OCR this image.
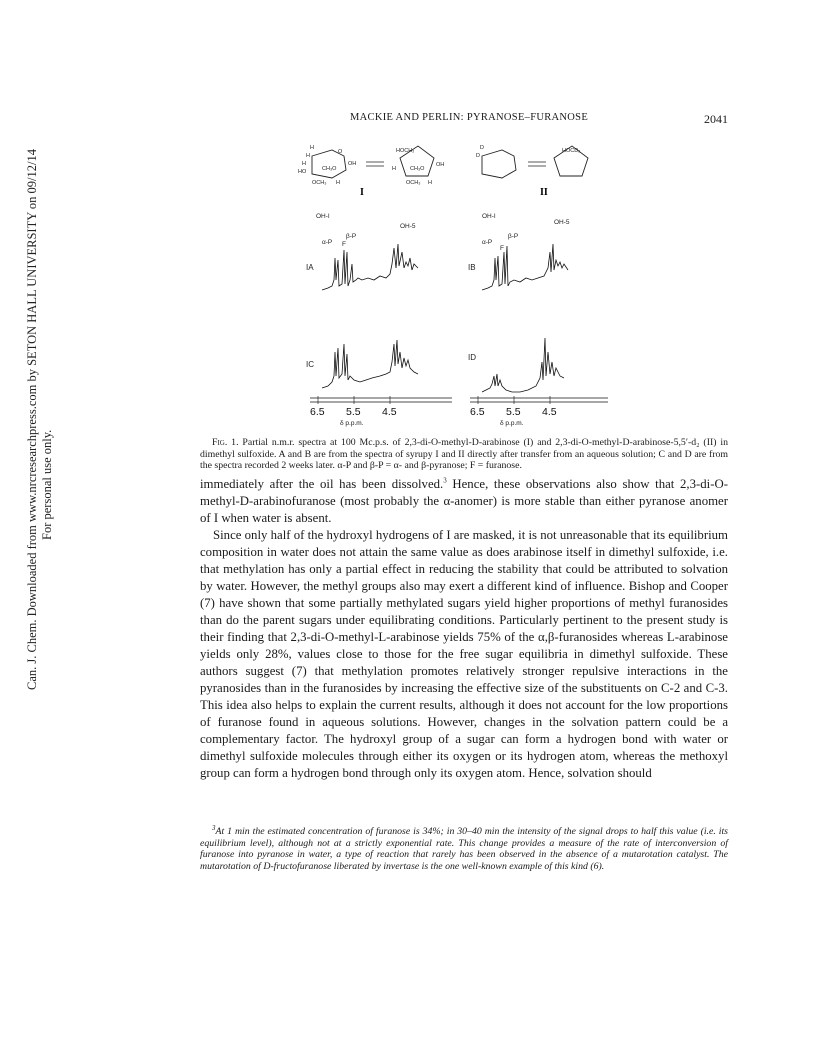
Can. J. Chem. Downloaded from www.nrcresearchpress.com by SETON HALL UNIVERSITY on 09/12/14 For personal use only.
MACKIE AND PERLIN: PYRANOSE–FURANOSE	2041
H
H
O
H	OH
HO	CH₃O
OCH₃ H
HOCH₂
OH
H	CH₃O
OCH₃ H
D
D
HOCD₂
I	II
OH-I
OH-5
α-P
β-P
F
OH-I
OH-5
α-P
β-P
F
IA	IB
IC
ID
6.5 5.5 4.5	6.5 5.5 4.5
δ p.p.m.	δ p.p.m.
Fig. 1. Partial n.m.r. spectra at 100 Mc.p.s. of 2,3-di-O-methyl-D-arabinose (I) and 2,3-di-O-methyl-D-arabinose-5,5′-d₂ (II) in dimethyl sulfoxide. A and B are from the spectra of syrupy I and II directly after transfer from an aqueous solution; C and D are from the spectra recorded 2 weeks later. α-P and β-P = α- and β-pyranose; F = furanose.

immediately after the oil has been dissolved.$^3$ Hence, these observations also show that 2,3-di-O-methyl-D-arabinofuranose (most probably the α-anomer) is more stable than either pyranose anomer of I when water is absent.

Since only half of the hydroxyl hydrogens of I are masked, it is not unreasonable that its equilibrium composition in water does not attain the same value as does arabinose itself in dimethyl sulfoxide, i.e. that methylation has only a partial effect in reducing the stability that could be attributed to solvation by water. However, the methyl groups also may exert a different kind of influence. Bishop and Cooper (7) have shown that some partially methylated sugars yield higher proportions of methyl furanosides than do the parent sugars under equilibrating conditions. Particularly pertinent to the present study is their finding that 2,3-di-O-methyl-L-arabinose yields 75% of the α,β-furanosides whereas L-arabinose yields only 28%, values close to those for the free sugar equilibria in dimethyl sulfoxide. These authors suggest (7) that methylation promotes relatively stronger repulsive interactions in the pyranosides than in the furanosides by increasing the effective size of the substituents on C-2 and C-3. This idea also helps to explain the current results, although it does not account for the low proportions of furanose found in aqueous solutions. However, changes in the solvation pattern could be a complementary factor. The hydroxyl group of a sugar can form a hydrogen bond with water or dimethyl sulfoxide molecules through either its oxygen or its hydrogen atom, whereas the methoxyl group can form a hydrogen bond through only its oxygen atom. Hence, solvation should

$^3$At 1 min the estimated concentration of furanose is 34%; in 30–40 min the intensity of the signal drops to half this value (i.e. its equilibrium level), although not at a strictly exponential rate. This change provides a measure of the rate of interconversion of furanose into pyranose in water, a type of reaction that rarely has been observed in the absence of a mutarotation catalyst. The mutarotation of D-fructofuranose liberated by invertase is the one well-known example of this kind (6).
